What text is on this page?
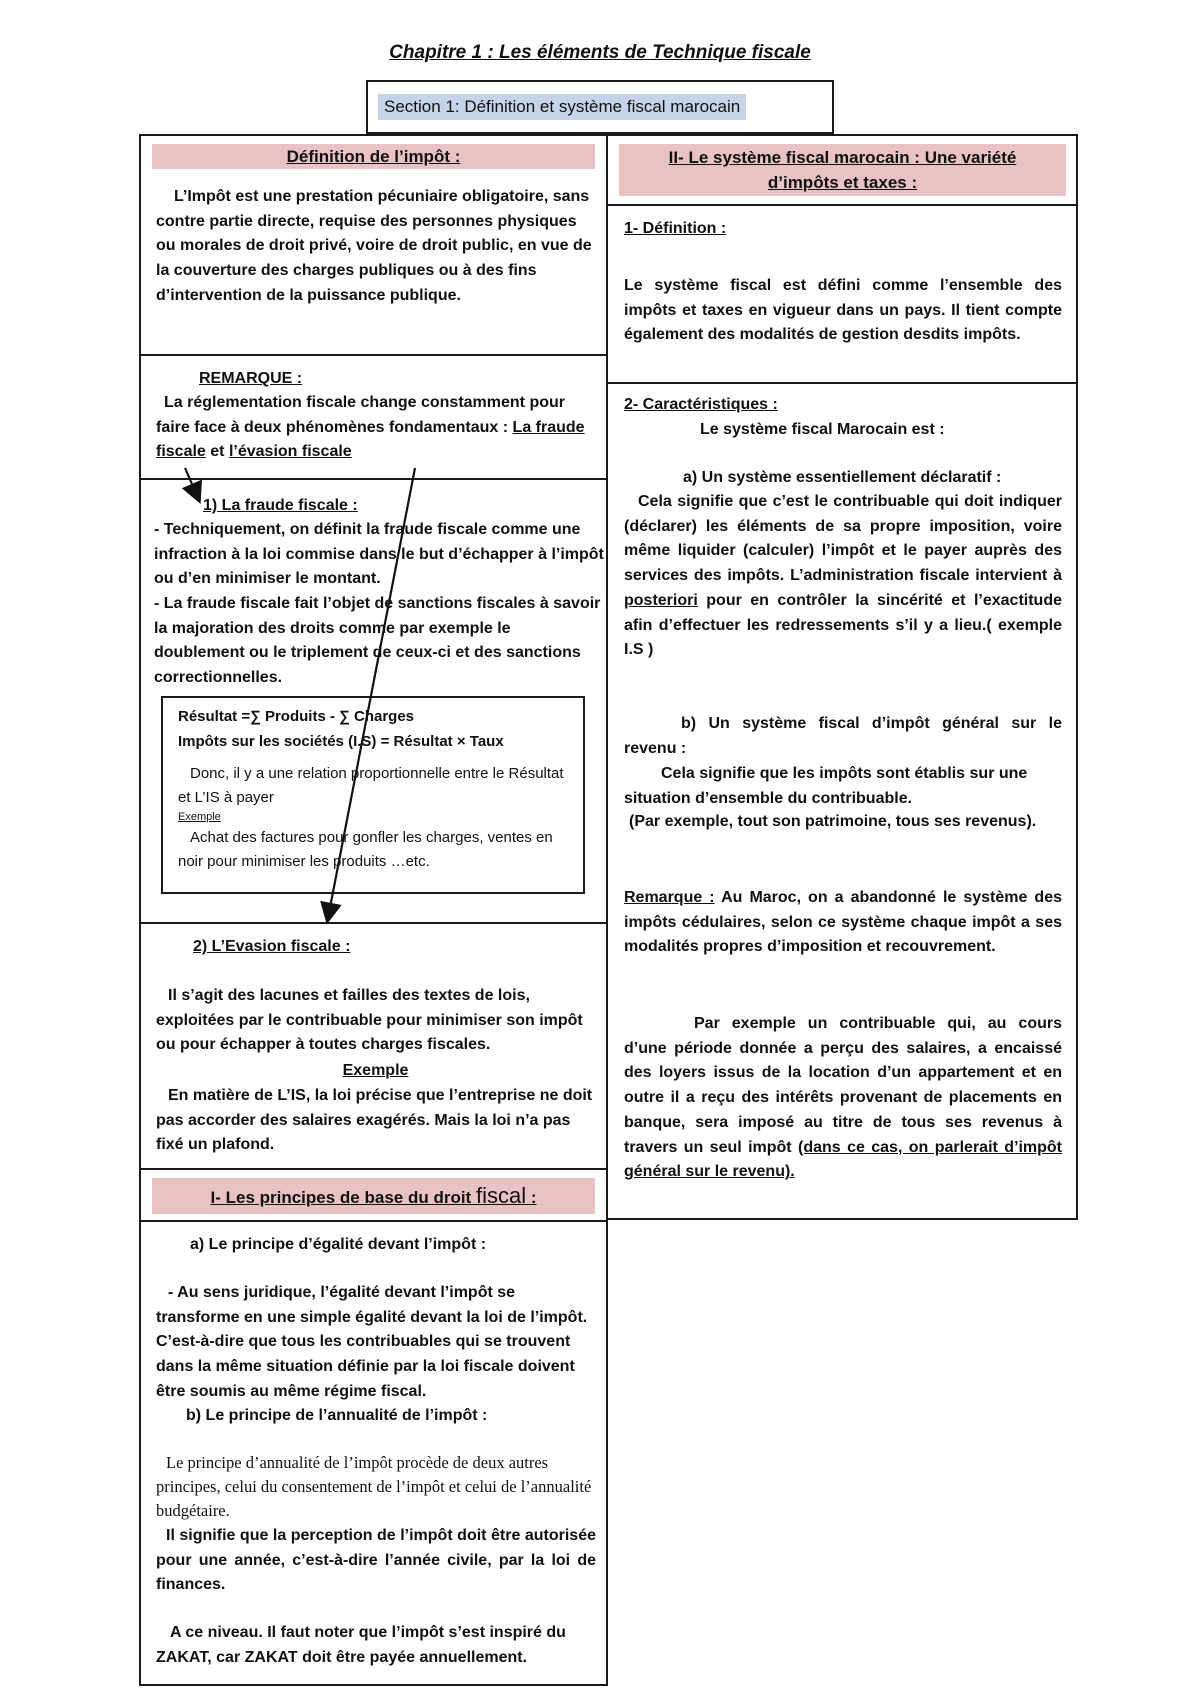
Chapitre 1 : Les éléments de Technique fiscale
Section 1: Définition et système fiscal marocain
Définition de l’impôt :

L’Impôt est une prestation pécuniaire obligatoire, sans contre partie directe, requise des personnes physiques ou morales de droit privé, voire de droit public, en vue de la couverture des charges publiques ou à des fins d’intervention de la puissance publique.

REMARQUE :

La réglementation fiscale change constamment pour faire face à deux phénomènes fondamentaux : La fraude fiscale et l’évasion fiscale

1) La fraude fiscale :

- Techniquement, on définit la fraude fiscale comme une infraction à la loi commise dans le but d’échapper à l’impôt ou d’en minimiser le montant.

- La fraude fiscale fait l’objet de sanctions fiscales à savoir la majoration des droits comme par exemple le doublement ou le triplement de ceux-ci et des sanctions correctionnelles.

Résultat =∑ Produits - ∑ Charges
Impôts sur les sociétés (I.S) = Résultat × Taux

Donc, il y a une relation proportionnelle entre le Résultat et L’IS à payer

Exemple

Achat des factures pour gonfler les charges, ventes en noir pour minimiser les produits …etc.

2) L’Evasion fiscale :

Il s’agit des lacunes et failles des textes de lois, exploitées par le contribuable pour minimiser son impôt ou pour échapper à toutes charges fiscales.

Exemple

En matière de L’IS, la loi précise que l’entreprise ne doit pas accorder des salaires exagérés. Mais la loi n’a pas fixé un plafond.

I- Les principes de base du droit fiscal :
a) Le principe d’égalité devant l’impôt :

- Au sens juridique, l’égalité devant l’impôt se transforme en une simple égalité devant la loi de l’impôt. C’est-à-dire que tous les contribuables qui se trouvent dans la même situation définie par la loi fiscale doivent être soumis au même régime fiscal.

b) Le principe de l’annualité de l’impôt :

Le principe d’annualité de l’impôt procède de deux autres principes, celui du consentement de l’impôt et celui de l’annualité budgétaire.

Il signifie que la perception de l’impôt doit être autorisée pour une année, c’est-à-dire l’année civile, par la loi de finances.

A ce niveau. Il faut noter que l’impôt s’est inspiré du ZAKAT, car ZAKAT doit être payée annuellement.

II- Le système fiscal marocain : Une variété d’impôts et taxes :
1- Définition :

Le système fiscal est défini comme l’ensemble des impôts et taxes en vigueur dans un pays. Il tient compte également des modalités de gestion desdits impôts.

2- Caractéristiques :
Le système fiscal Marocain est :
a) Un système essentiellement déclaratif :

Cela signifie que c’est le contribuable qui doit indiquer (déclarer) les éléments de sa propre imposition, voire même liquider (calculer) l’impôt et le payer auprès des services des impôts. L’administration fiscale intervient à posteriori pour en contrôler la sincérité et l’exactitude afin d’effectuer les redressements s’il y a lieu.( exemple I.S )

b) Un système fiscal d’impôt général sur le revenu :

Cela signifie que les impôts sont établis sur une situation d’ensemble du contribuable.

(Par exemple, tout son patrimoine, tous ses revenus).

Remarque : Au Maroc, on a abandonné le système des impôts cédulaires, selon ce système chaque impôt a ses modalités propres d’imposition et recouvrement.

Par exemple un contribuable qui, au cours d’une période donnée a perçu des salaires, a encaissé des loyers issus de la location d’un appartement et en outre il a reçu des intérêts provenant de placements en banque, sera imposé au titre de tous ses revenus à travers un seul impôt (dans ce cas, on parlerait d’impôt général sur le revenu).
